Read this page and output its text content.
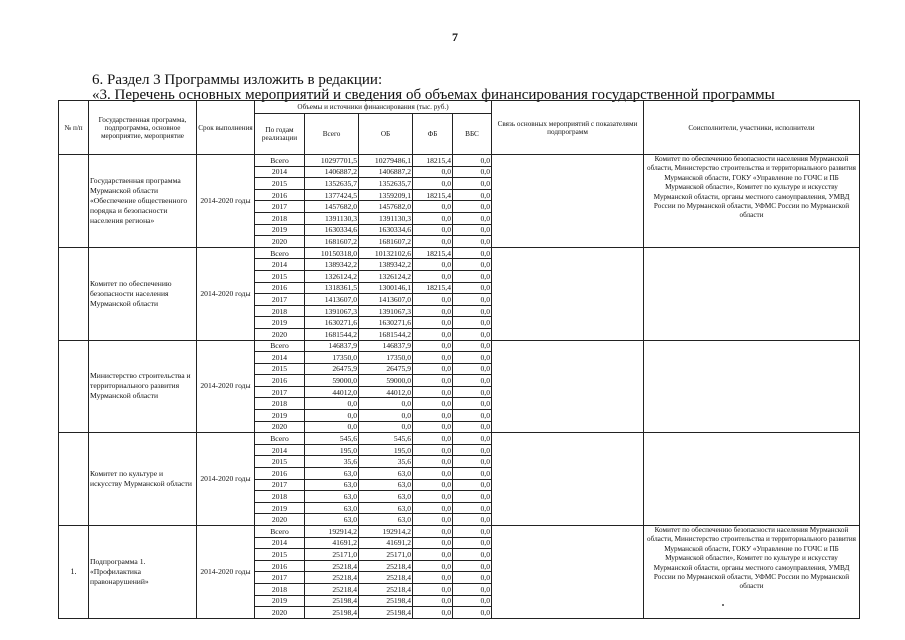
7
6. Раздел 3 Программы изложить в редакции:
«3. Перечень основных мероприятий и сведения об объемах финансирования государственной программы
№ п/п	Государственная программа, подпрограмма, основное мероприятие, мероприятие	Срок выполнения	Объемы и источники финансирования (тыс. руб.)					Связь основных мероприятий с показателями подпрограмм	Соисполнители, участники, исполнители
			По годам реализации	Всего	ОБ	ФБ	ВБС		
	Государственная программа Мурманской области «Обеспечение общественного порядка и безопасности населения региона»	2014-2020 годы	Всего	10297701,5	10279486,1	18215,4	0,0		Комитет по обеспечению безопасности населения Мурманской области, Министерство строительства и территориального развития Мурманской области, ГОКУ «Управление по ГОЧС и ПБ Мурманской области», Комитет по культуре и искусству Мурманской области, органы местного самоуправления, УМВД России по Мурманской области, УФМС России по Мурманской области
			2014	1406887,2	1406887,2	0,0	0,0		
			2015	1352635,7	1352635,7	0,0	0,0		
			2016	1377424,5	1359209,1	18215,4	0,0		
			2017	1457682,0	1457682,0	0,0	0,0		
			2018	1391130,3	1391130,3	0,0	0,0		
			2019	1630334,6	1630334,6	0,0	0,0		
			2020	1681607,2	1681607,2	0,0	0,0		
	Комитет по обеспечению безопасности населения Мурманской области	2014-2020 годы	Всего	10150318,0	10132102,6	18215,4	0,0		
			2014	1389342,2	1389342,2	0,0	0,0		
			2015	1326124,2	1326124,2	0,0	0,0		
			2016	1318361,5	1300146,1	18215,4	0,0		
			2017	1413607,0	1413607,0	0,0	0,0		
			2018	1391067,3	1391067,3	0,0	0,0		
			2019	1630271,6	1630271,6	0,0	0,0		
			2020	1681544,2	1681544,2	0,0	0,0		
	Министерство строительства и территориального развития Мурманской области	2014-2020 годы	Всего	146837,9	146837,9	0,0	0,0		
			2014	17350,0	17350,0	0,0	0,0		
			2015	26475,9	26475,9	0,0	0,0		
			2016	59000,0	59000,0	0,0	0,0		
			2017	44012,0	44012,0	0,0	0,0		
			2018	0,0	0,0	0,0	0,0		
			2019	0,0	0,0	0,0	0,0		
			2020	0,0	0,0	0,0	0,0		
	Комитет по культуре и искусству Мурманской области	2014-2020 годы	Всего	545,6	545,6	0,0	0,0		
			2014	195,0	195,0	0,0	0,0		
			2015	35,6	35,6	0,0	0,0		
			2016	63,0	63,0	0,0	0,0		
			2017	63,0	63,0	0,0	0,0		
			2018	63,0	63,0	0,0	0,0		
			2019	63,0	63,0	0,0	0,0		
			2020	63,0	63,0	0,0	0,0		
1.	Подпрограмма 1. «Профилактика правонарушений»	2014-2020 годы	Всего	192914,2	192914,2	0,0	0,0		Комитет по обеспечению безопасности населения Мурманской области, Министерство строительства и территориального развития Мурманской области, ГОКУ «Управление по ГОЧС и ПБ Мурманской области», Комитет по культуре и искусству Мурманской области, органы местного самоуправления, УМВД России по Мурманской области, УФМС России по Мурманской области
			2014	41691,2	41691,2	0,0	0,0		
			2015	25171,0	25171,0	0,0	0,0		
			2016	25218,4	25218,4	0,0	0,0		
			2017	25218,4	25218,4	0,0	0,0		
			2018	25218,4	25218,4	0,0	0,0		
			2019	25198,4	25198,4	0,0	0,0		
			2020	25198,4	25198,4	0,0	0,0		
